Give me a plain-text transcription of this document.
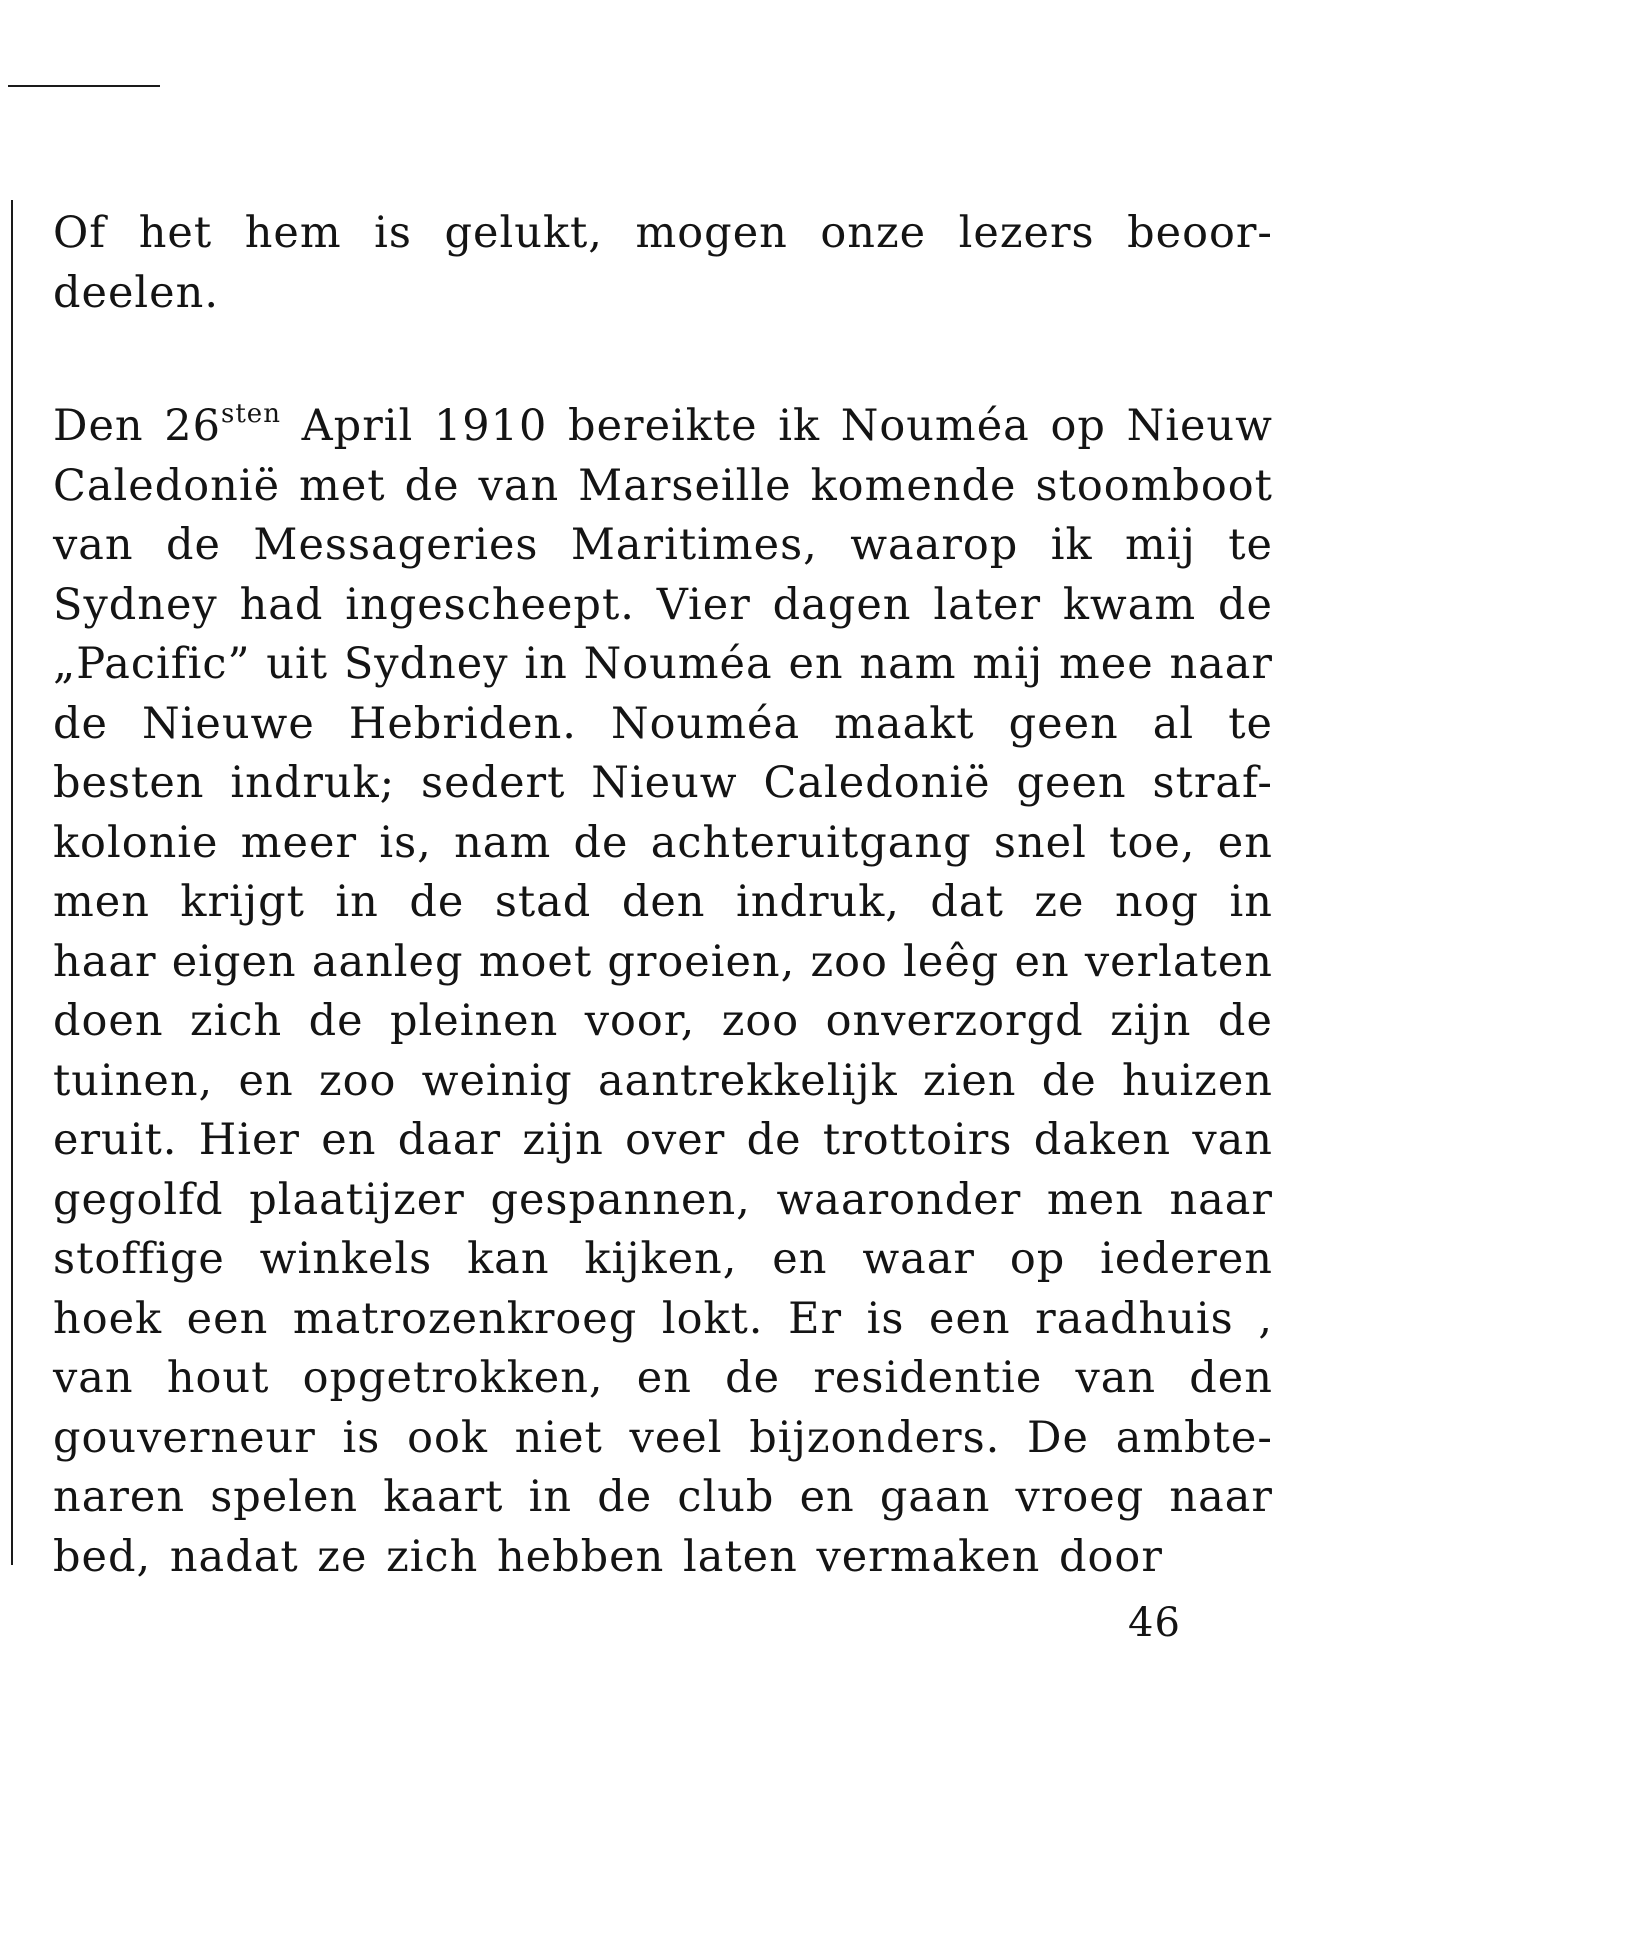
Of het hem is gelukt, mogen onze lezers beoor-
deelen.
Den $26^{sten}$ April 1910 bereikte ik Nouméa op Nieuw
Caledonië met de van Marseille komende stoomboot
van de Messageries Maritimes, waarop ik mij te
Sydney had ingescheept. Vier dagen later kwam de
„Pacific” uit Sydney in Nouméa en nam mij mee naar
de Nieuwe Hebriden. Nouméa maakt geen al te
besten indruk; sedert Nieuw Caledonië geen straf-
kolonie meer is, nam de achteruitgang snel toe, en
men krijgt in de stad den indruk, dat ze nog in
haar eigen aanleg moet groeien, zoo leêg en verlaten
doen zich de pleinen voor, zoo onverzorgd zijn de
tuinen, en zoo weinig aantrekkelijk zien de huizen
eruit. Hier en daar zijn over de trottoirs daken van
gegolfd plaatijzer gespannen, waaronder men naar
stoffige winkels kan kijken, en waar op iederen
hoek een matrozenkroeg lokt. Er is een raadhuis ,
van hout opgetrokken, en de residentie van den
gouverneur is ook niet veel bijzonders. De ambte-
naren spelen kaart in de club en gaan vroeg naar
bed,
nadat
ze
zich
hebben
laten
vermaken
door
46
